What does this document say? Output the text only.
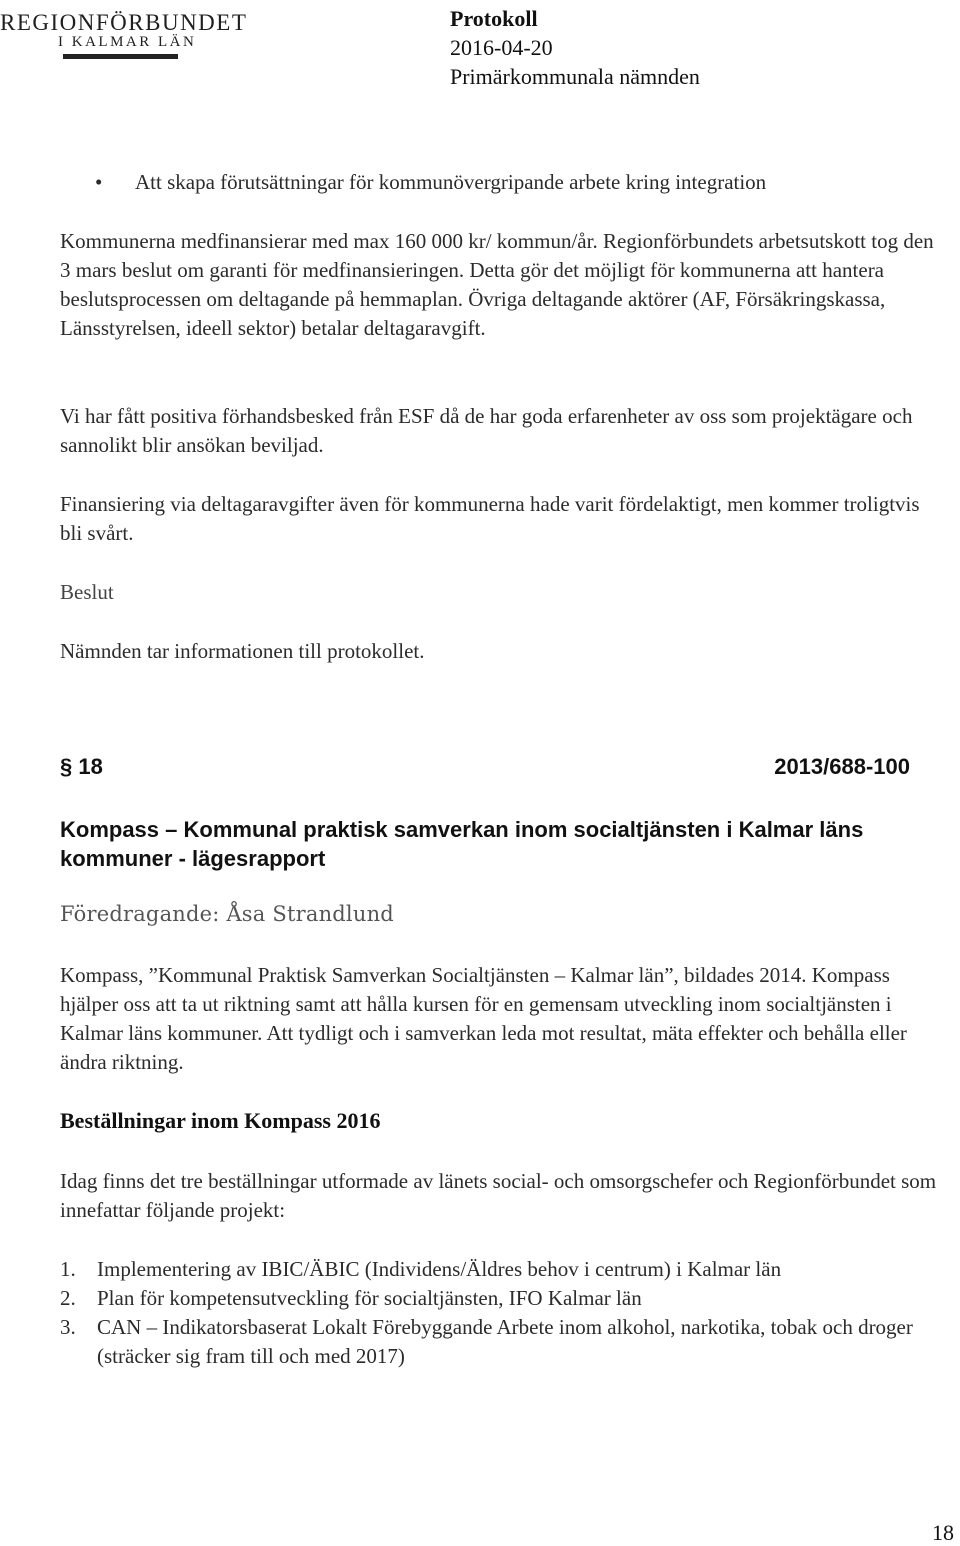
REGIONFÖRBUNDET
I KALMAR LÄN
Protokoll
2016-04-20
Primärkommunala nämnden
• Att skapa förutsättningar för kommunövergripande arbete kring integration
Kommunerna medfinansierar med max 160 000 kr/ kommun/år. Regionförbundets arbetsutskott tog den 3 mars beslut om garanti för medfinansieringen. Detta gör det möjligt för kommunerna att hantera beslutsprocessen om deltagande på hemmaplan. Övriga deltagande aktörer (AF, Försäkringskassa, Länsstyrelsen, ideell sektor) betalar deltagaravgift.
Vi har fått positiva förhandsbesked från ESF då de har goda erfarenheter av oss som projektägare och sannolikt blir ansökan beviljad.
Finansiering via deltagaravgifter även för kommunerna hade varit fördelaktigt, men kommer troligtvis bli svårt.
Beslut
Nämnden tar informationen till protokollet.
§ 18	2013/688-100
Kompass – Kommunal praktisk samverkan inom socialtjänsten i Kalmar läns kommuner - lägesrapport
Föredragande: Åsa Strandlund
Kompass, ”Kommunal Praktisk Samverkan Socialtjänsten – Kalmar län”, bildades 2014. Kompass hjälper oss att ta ut riktning samt att hålla kursen för en gemensam utveckling inom socialtjänsten i Kalmar läns kommuner. Att tydligt och i samverkan leda mot resultat, mäta effekter och behålla eller ändra riktning.
Beställningar inom Kompass 2016
Idag finns det tre beställningar utformade av länets social- och omsorgschefer och Regionförbundet som innefattar följande projekt:
1.	Implementering av IBIC/ÄBIC (Individens/Äldres behov i centrum) i Kalmar län
2.	Plan för kompetensutveckling för socialtjänsten, IFO Kalmar län
3.	CAN – Indikatorsbaserat Lokalt Förebyggande Arbete inom alkohol, narkotika, tobak och droger (sträcker sig fram till och med 2017)
18
